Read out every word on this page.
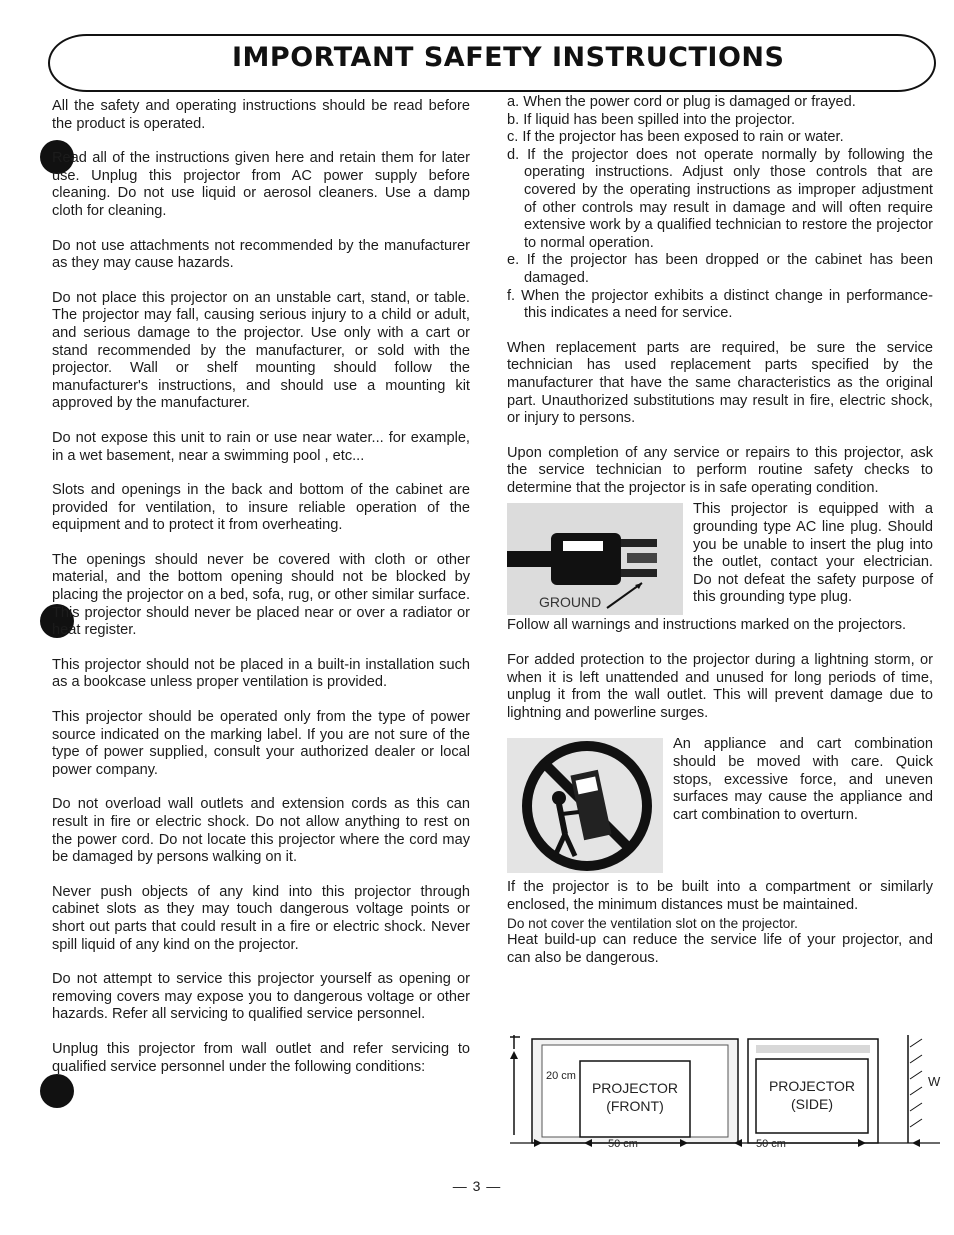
IMPORTANT SAFETY INSTRUCTIONS

All the safety and operating instructions should be read before the product is operated.

Read all of the instructions given here and retain them for later use. Unplug this projector from AC power supply before cleaning. Do not use liquid or aerosol cleaners. Use a damp cloth for cleaning.

Do not use attachments not recommended by the manufacturer as they may cause hazards.

Do not place this projector on an unstable cart, stand, or table. The projector may fall, causing serious injury to a child or adult, and serious damage to the projector. Use only with a cart or stand recommended by the manufacturer, or sold with the projector. Wall or shelf mounting should follow the manufacturer's instructions, and should use a mounting kit approved by the manufacturer.

Do not expose this unit to rain or use near water... for example, in a wet basement, near a swimming pool , etc...

Slots and openings in the back and bottom of the cabinet are provided for ventilation, to insure reliable operation of the equipment and to protect it from overheating.

The openings should never be covered with cloth or other material, and the bottom opening should not be blocked by placing the projector on a bed, sofa, rug, or other similar surface. This projector should never be placed near or over a radiator or heat register.

This projector should not be placed in a built-in installation such as a bookcase unless proper ventilation is provided.

This projector should be operated only from the type of power source indicated on the marking label. If you are not sure of the type of power supplied, consult your authorized dealer or local power company.

Do not overload wall outlets and extension cords as this can result in fire or electric shock. Do not allow anything to rest on the power cord. Do not locate this projector where the cord may be damaged by persons walking on it.

Never push objects of any kind into this projector through cabinet slots as they may touch dangerous voltage points or short out parts that could result in a fire or electric shock. Never spill liquid of any kind on the projector.

Do not attempt to service this projector yourself as opening or removing covers may expose you to dangerous voltage or other hazards. Refer all servicing to qualified service personnel.

Unplug this projector from wall outlet and refer servicing to qualified service personnel under the following conditions:

a. When the power cord or plug is damaged or frayed.
b. If liquid has been spilled into the projector.
c. If the projector has been exposed to rain or water.
d. If the projector does not operate normally by following the operating instructions. Adjust only those controls that are covered by the operating instructions as improper adjustment of other controls may result in damage and will often require extensive work by a qualified technician to restore the projector to normal operation.
e. If the projector has been dropped or the cabinet has been damaged.
f. When the projector exhibits a distinct change in performance-this indicates a need for service.

When replacement parts are required, be sure the service technician has used replacement parts specified by the manufacturer that have the same characteristics as the original part. Unauthorized substitutions may result in fire, electric shock, or injury to persons.

Upon completion of any service or repairs to this projector, ask the service technician to perform routine safety checks to determine that the projector is in safe operating condition.

GROUND

This projector is equipped with a grounding type AC line plug. Should you be unable to insert the plug into the outlet, contact your electrician. Do not defeat the safety purpose of this grounding type plug.

Follow all warnings and instructions marked on the projectors.

For added protection to the projector during a lightning storm, or when it is left unattended and unused for long periods of time, unplug it from the wall outlet. This will prevent damage due to lightning and powerline surges.

An appliance and cart combination should be moved with care. Quick stops, excessive force, and uneven surfaces may cause the appliance and cart combination to overturn.

If the projector is to be built into a compartment or similarly enclosed, the minimum distances must be maintained.

Do not cover the ventilation slot on the projector.

Heat build-up can reduce the service life of your projector, and can also be dangerous.

20 cm
PROJECTOR
(FRONT)
PROJECTOR
(SIDE)
W
50 cm	50 cm
— 3 —
